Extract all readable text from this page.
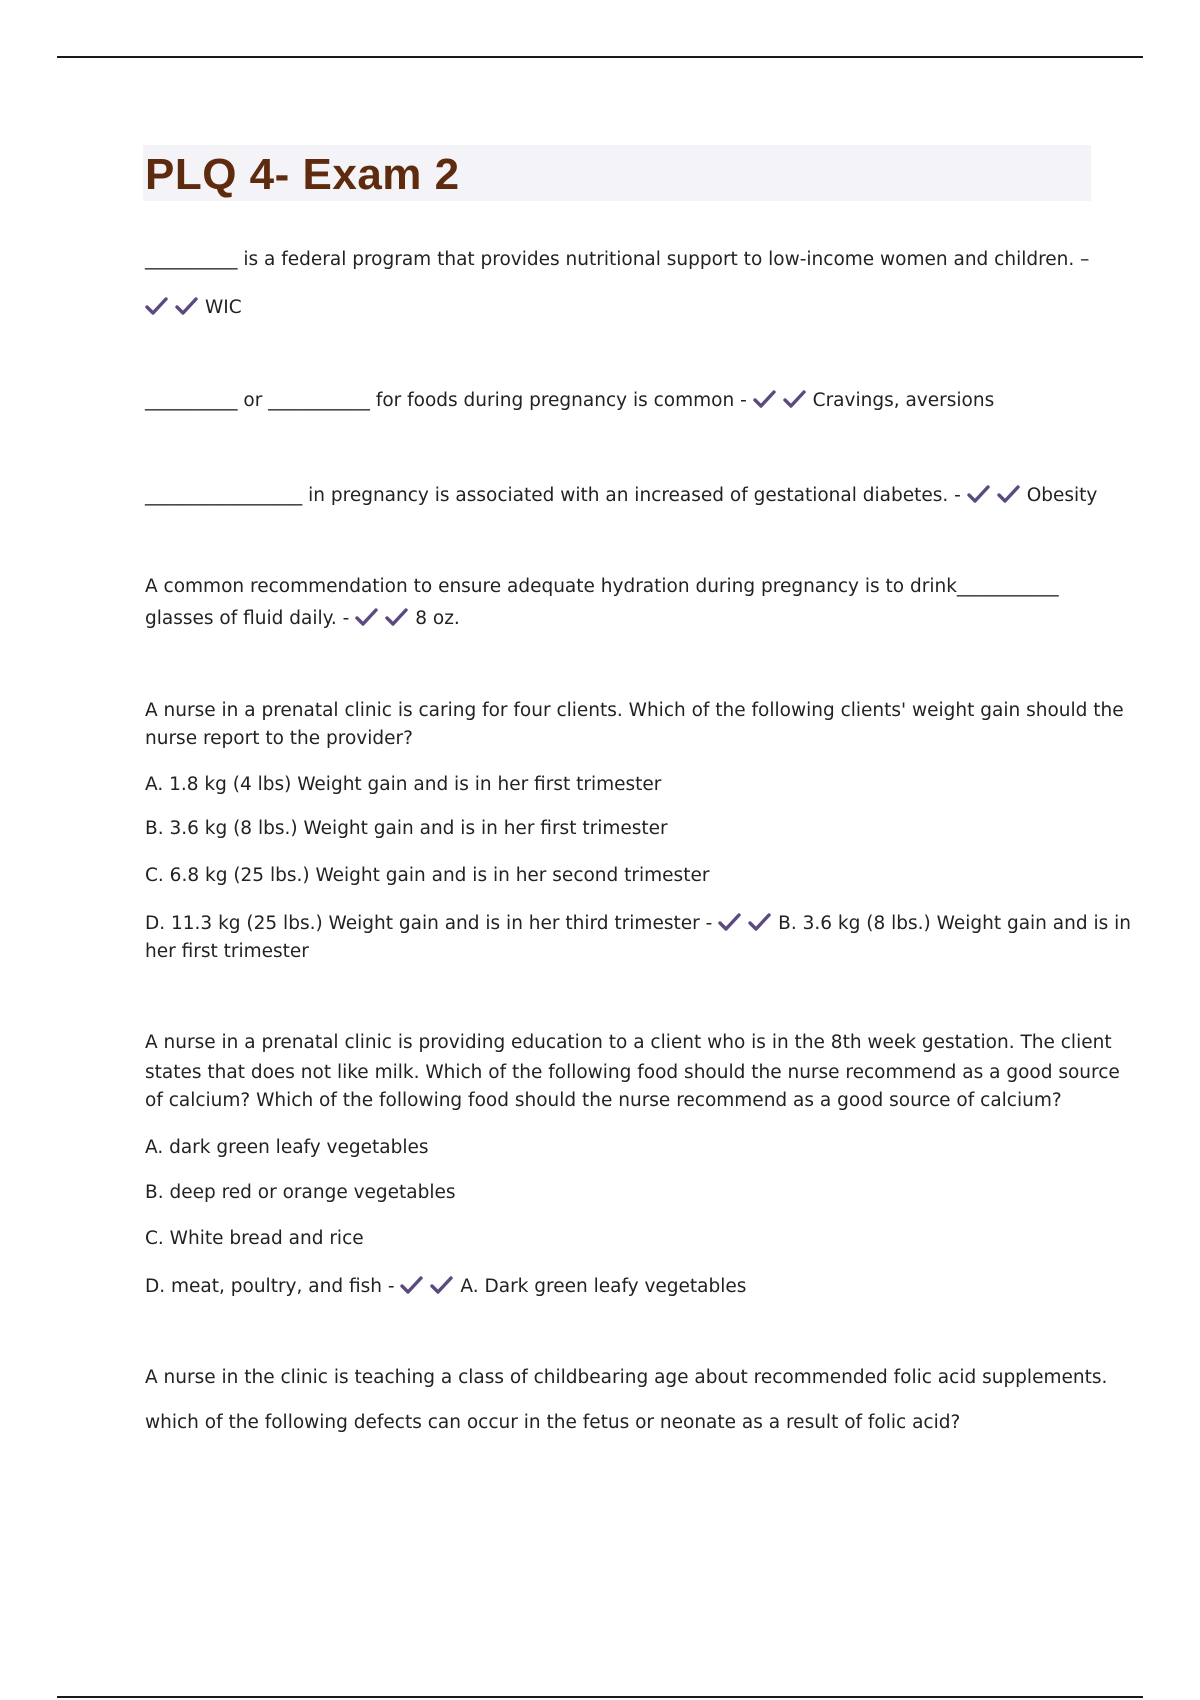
PLQ 4- Exam 2
__________ is a federal program that provides nutritional support to low-income women and children. –
WIC
__________ or ___________ for foods during pregnancy is common -	Cravings, aversions
_________________ in pregnancy is associated with an increased of gestational diabetes. -	Obesity
A common recommendation to ensure adequate hydration during pregnancy is to drink___________
glasses of fluid daily. -	8 oz.
A nurse in a prenatal clinic is caring for four clients. Which of the following clients' weight gain should the
nurse report to the provider?
A. 1.8 kg (4 lbs) Weight gain and is in her first trimester
B. 3.6 kg (8 lbs.) Weight gain and is in her first trimester
C. 6.8 kg (25 lbs.) Weight gain and is in her second trimester
D. 11.3 kg (25 lbs.) Weight gain and is in her third trimester -	B. 3.6 kg (8 lbs.) Weight gain and is in
her first trimester
A nurse in a prenatal clinic is providing education to a client who is in the 8th week gestation. The client
states that does not like milk. Which of the following food should the nurse recommend as a good source
of calcium? Which of the following food should the nurse recommend as a good source of calcium?
A. dark green leafy vegetables
B. deep red or orange vegetables
C. White bread and rice
D. meat, poultry, and fish -	A. Dark green leafy vegetables
A nurse in the clinic is teaching a class of childbearing age about recommended folic acid supplements.
which of the following defects can occur in the fetus or neonate as a result of folic acid?
